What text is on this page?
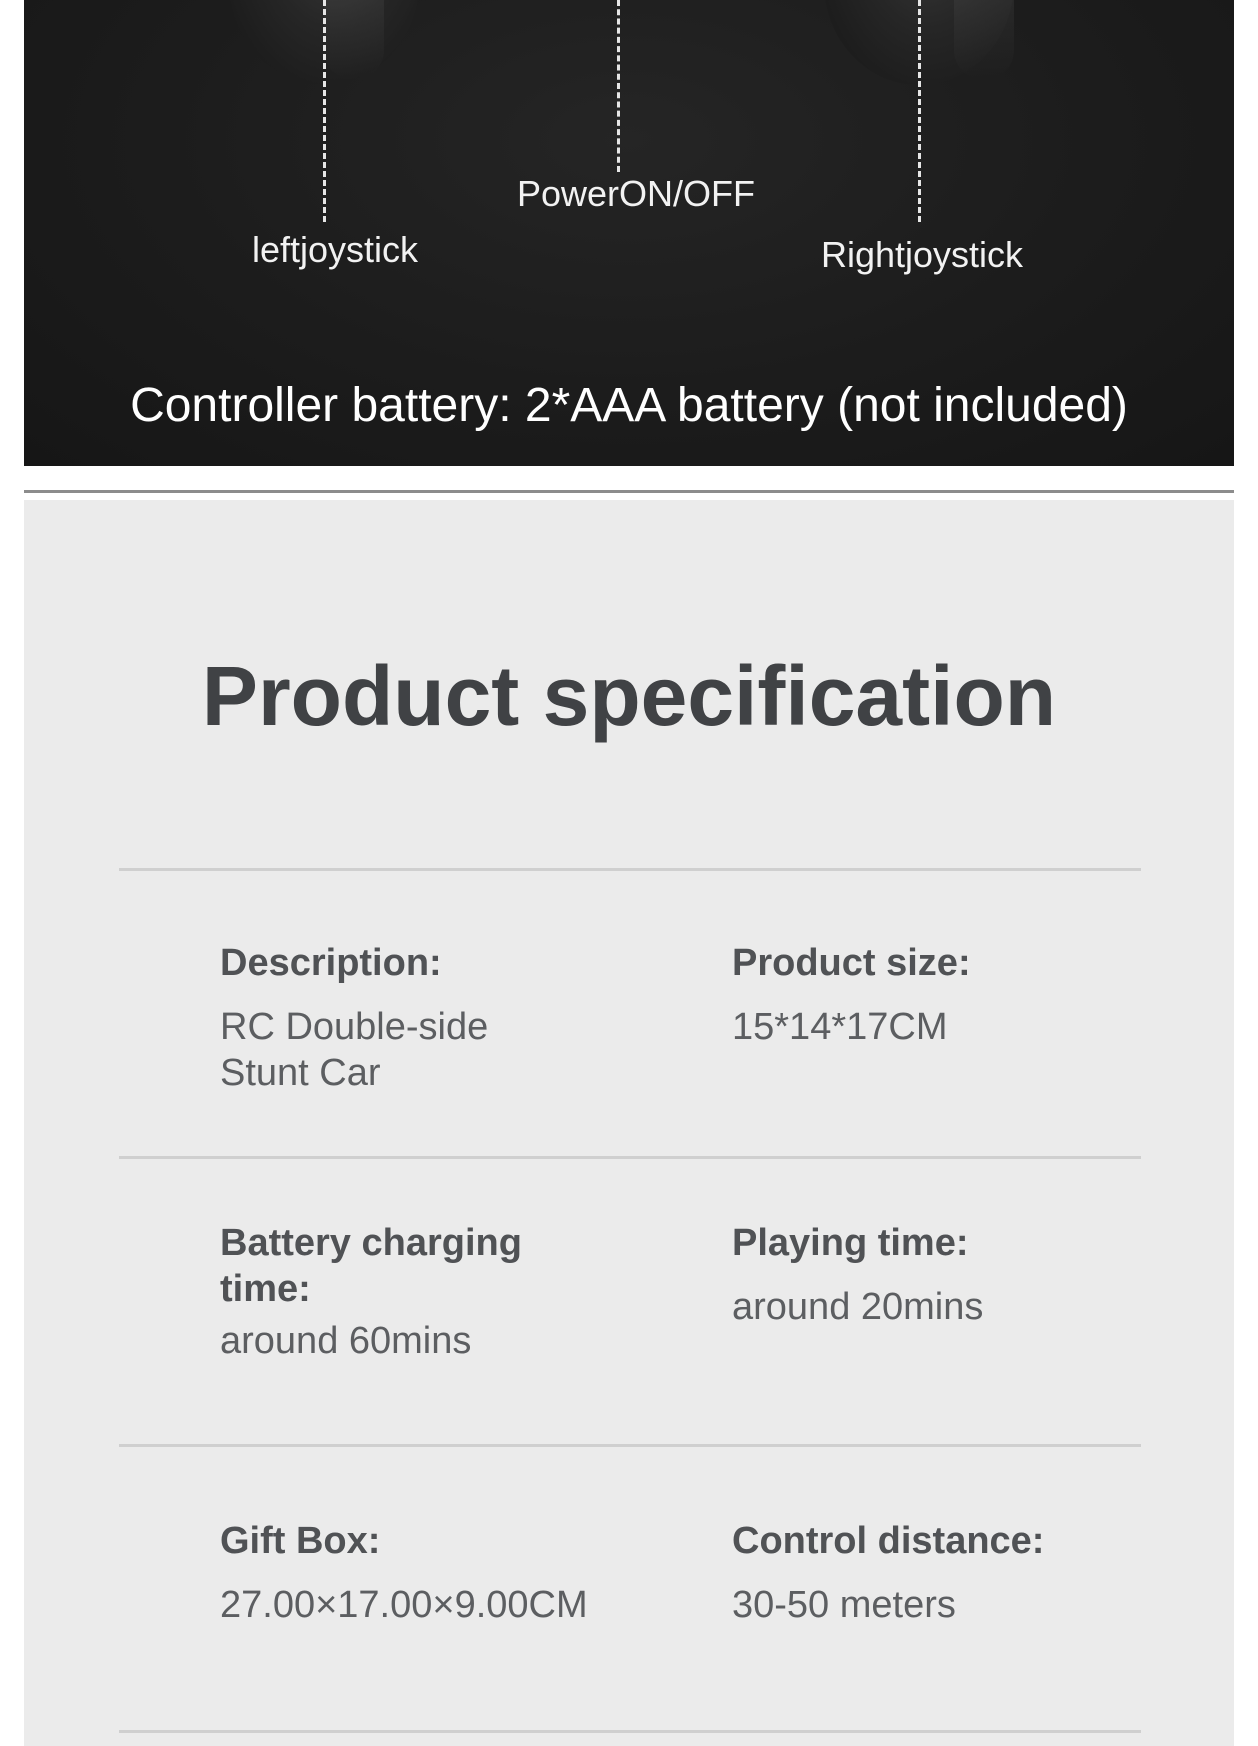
leftjoystick
PowerON/OFF
Rightjoystick
Controller battery: 2*AAA battery (not included)
Product specification
Description:
RC Double-side
Stunt Car
Product size:
15*14*17CM
Battery charging time:
around 60mins
Playing time:
around 20mins
Gift Box:
27.00×17.00×9.00CM
Control distance:
30-50 meters
